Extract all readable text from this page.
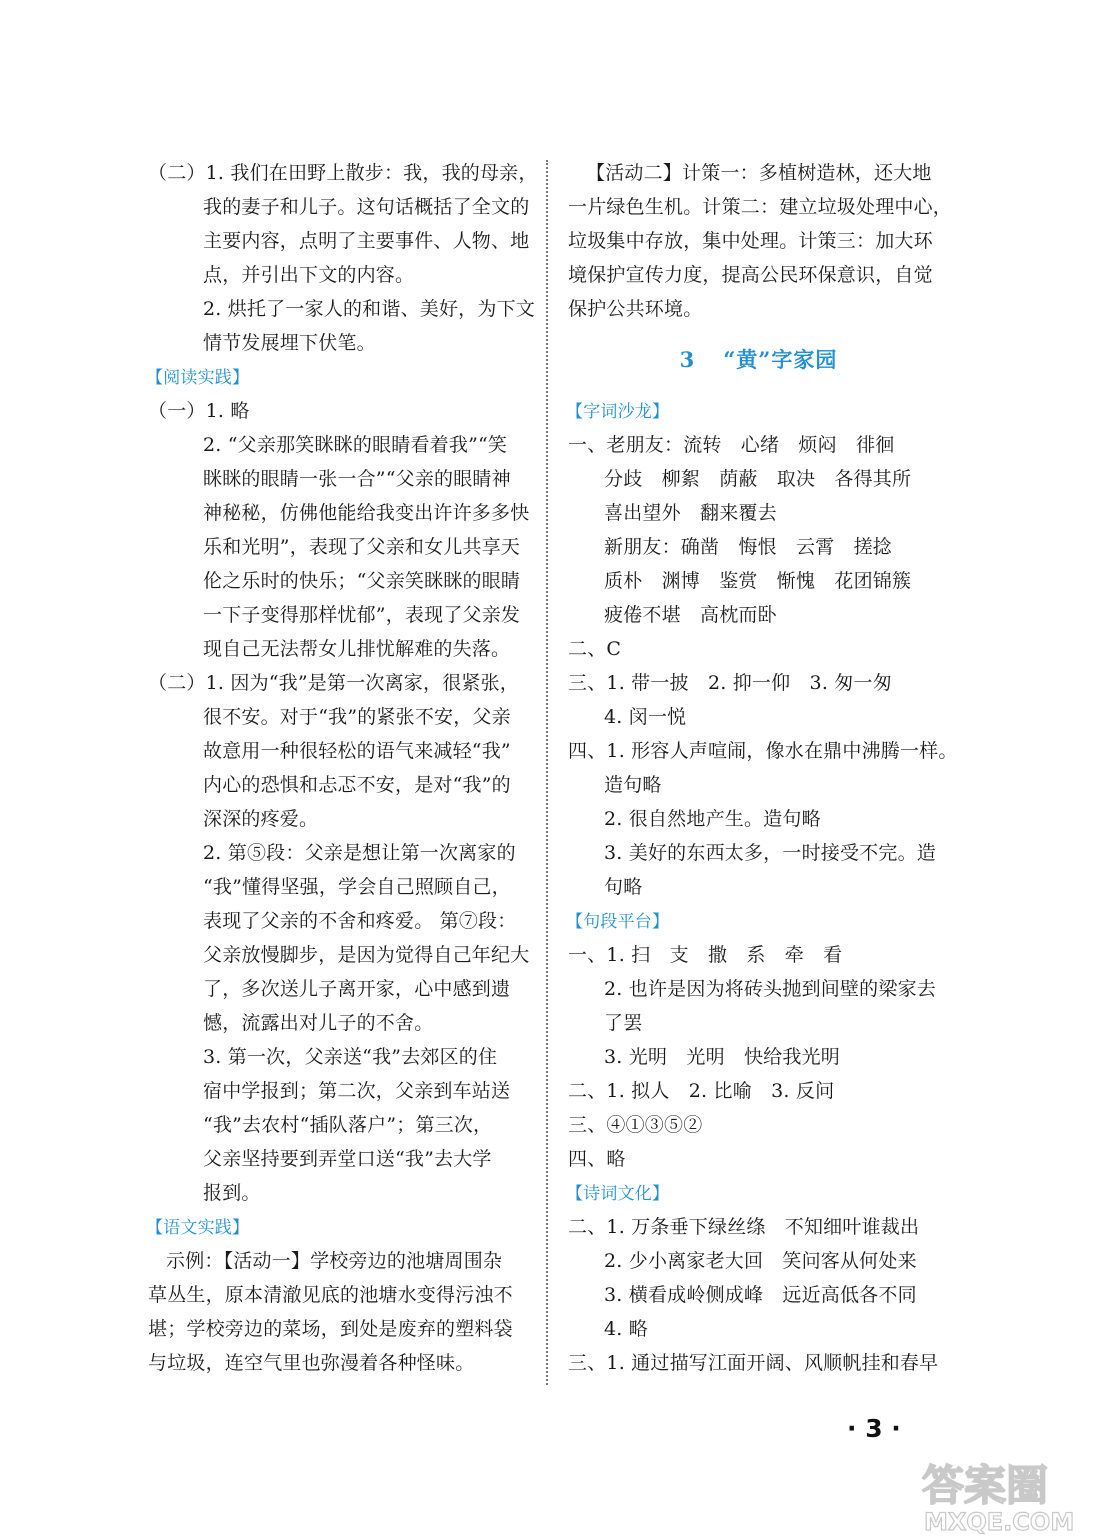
（二）1. 我们在田野上散步：我，我的母亲，
我的妻子和儿子。这句话概括了全文的
主要内容，点明了主要事件、人物、地
点，并引出下文的内容。
2. 烘托了一家人的和谐、美好，为下文
情节发展埋下伏笔。
【阅读实践】
（一）1. 略
2. “父亲那笑眯眯的眼睛看着我”“笑
眯眯的眼睛一张一合”“父亲的眼睛神
神秘秘，仿佛他能给我变出许许多多快
乐和光明”，表现了父亲和女儿共享天
伦之乐时的快乐；“父亲笑眯眯的眼睛
一下子变得那样忧郁”，表现了父亲发
现自己无法帮女儿排忧解难的失落。
（二）1. 因为“我”是第一次离家，很紧张，
很不安。对于“我”的紧张不安，父亲
故意用一种很轻松的语气来减轻“我”
内心的恐惧和忐忑不安，是对“我”的
深深的疼爱。
2. 第⑤段：父亲是想让第一次离家的
“我”懂得坚强，学会自己照顾自己，
表现了父亲的不舍和疼爱。 第⑦段：
父亲放慢脚步，是因为觉得自己年纪大
了，多次送儿子离开家，心中感到遗
憾，流露出对儿子的不舍。
3. 第一次，父亲送“我”去郊区的住
宿中学报到；第二次，父亲到车站送
“我”去农村“插队落户”；第三次，
父亲坚持要到弄堂口送“我”去大学
报到。
【语文实践】
示例：【活动一】学校旁边的池塘周围杂
草丛生，原本清澈见底的池塘水变得污浊不
堪；学校旁边的菜场，到处是废弃的塑料袋
与垃圾，连空气里也弥漫着各种怪味。
【活动二】计策一：多植树造林，还大地
一片绿色生机。计策二：建立垃圾处理中心，
垃圾集中存放，集中处理。计策三：加大环
境保护宣传力度，提高公民环保意识，自觉
保护公共环境。
3 “黄”字家园
【字词沙龙】
一、老朋友：流转　心绪　烦闷　徘徊
分歧　柳絮　荫蔽　取决　各得其所
喜出望外　翻来覆去
新朋友：确凿　悔恨　云霄　搓捻
质朴　渊博　鉴赏　惭愧　花团锦簇
疲倦不堪　高枕而卧
二、C
三、1. 带一披　2. 抑一仰　3. 匆一匆
4. 闵一悦
四、1. 形容人声喧闹，像水在鼎中沸腾一样。
造句略
2. 很自然地产生。造句略
3. 美好的东西太多，一时接受不完。造
句略
【句段平台】
一、1. 扫　支　撒　系　牵　看
2. 也许是因为将砖头抛到间壁的梁家去
了罢
3. 光明　光明　快给我光明
二、1. 拟人　2. 比喻　3. 反问
三、④①③⑤②
四、略
【诗词文化】
二、1. 万条垂下绿丝绦　不知细叶谁裁出
2. 少小离家老大回　笑问客从何处来
3. 横看成岭侧成峰　远近高低各不同
4. 略
三、1. 通过描写江面开阔、风顺帆挂和春早
· 3 ·
答案圈
MXQE.COM
